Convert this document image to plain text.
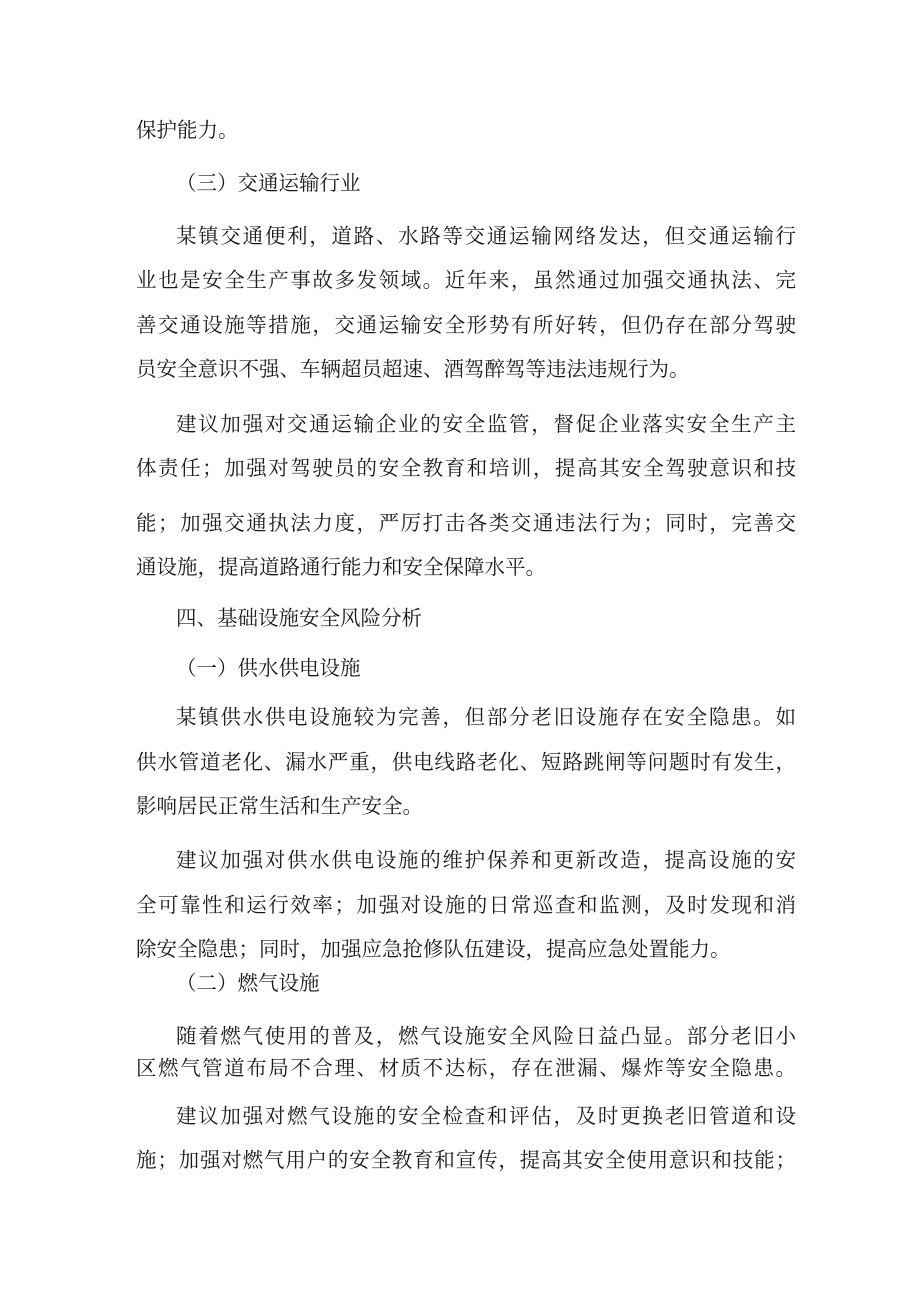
保护能力。
（三）交通运输行业
某镇交通便利，道路、水路等交通运输网络发达，但交通运输行
业也是安全生产事故多发领域。近年来，虽然通过加强交通执法、完
善交通设施等措施，交通运输安全形势有所好转，但仍存在部分驾驶
员安全意识不强、车辆超员超速、酒驾醉驾等违法违规行为。
建议加强对交通运输企业的安全监管，督促企业落实安全生产主
体责任；加强对驾驶员的安全教育和培训，提高其安全驾驶意识和技
能；加强交通执法力度，严厉打击各类交通违法行为；同时，完善交
通设施，提高道路通行能力和安全保障水平。
四、基础设施安全风险分析
（一）供水供电设施
某镇供水供电设施较为完善，但部分老旧设施存在安全隐患。如
供水管道老化、漏水严重，供电线路老化、短路跳闸等问题时有发生，
影响居民正常生活和生产安全。
建议加强对供水供电设施的维护保养和更新改造，提高设施的安
全可靠性和运行效率；加强对设施的日常巡查和监测，及时发现和消
除安全隐患；同时，加强应急抢修队伍建设，提高应急处置能力。
（二）燃气设施
随着燃气使用的普及，燃气设施安全风险日益凸显。部分老旧小
区燃气管道布局不合理、材质不达标，存在泄漏、爆炸等安全隐患。
建议加强对燃气设施的安全检查和评估，及时更换老旧管道和设
施；加强对燃气用户的安全教育和宣传，提高其安全使用意识和技能；
